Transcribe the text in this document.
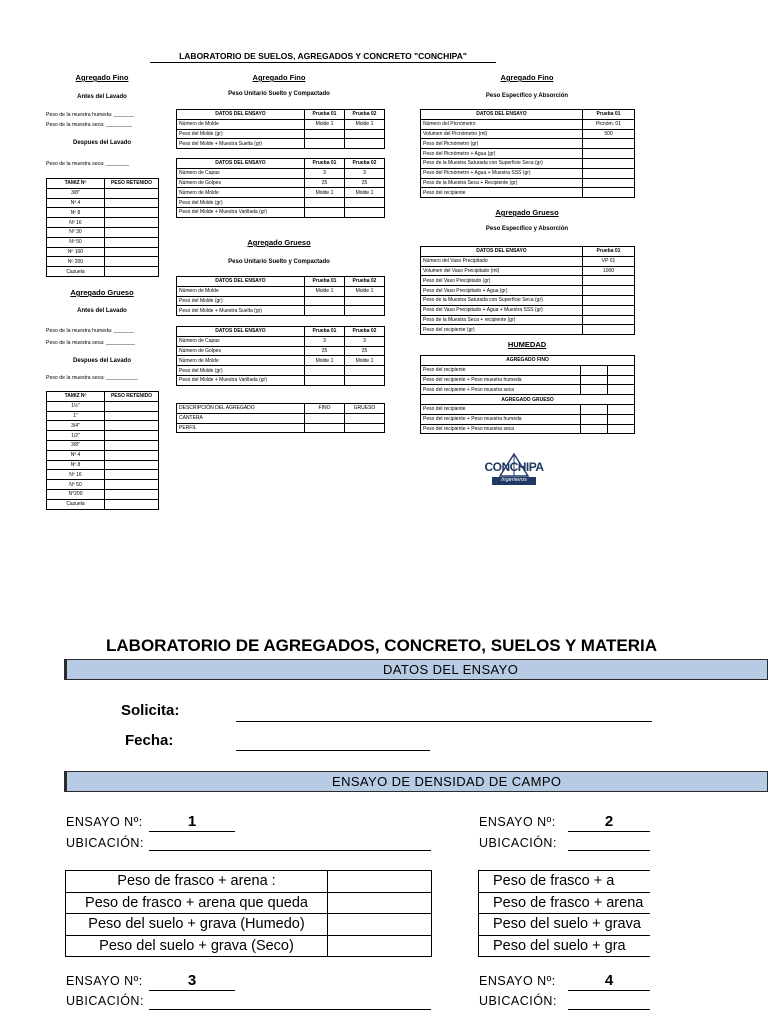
LABORATORIO DE SUELOS, AGREGADOS Y CONCRETO "CONCHIPA"
Agregado Fino
Antes del Lavado
Peso de la muestra humeda: _______
Peso de la muestra seca: _________
Despues del Lavado
Peso de la muestra seca: ________
TAMIZ Nº	PESO RETENIDO
3/8"	
Nº 4	
Nº 8	
Nº 16	
Nº 30	
Nº 50	
Nº 100	
Nº 200	
Cazuela	
Agregado Grueso
Antes del Lavado
Peso de la muestra humeda: _______
Peso de la muestra seca: __________
Despues del Lavado
Peso de la muestra seca: ___________
TAMIZ Nº	PESO RETENIDO
1½"	
1"	
3/4"	
1/2"	
3/8"	
Nº 4	
Nº 8	
Nº 16	
Nº 50	
N°200	
Cazuela	
Agregado Fino
Peso Unitario Suelto y Compactado
DATOS DEL ENSAYO	Prueba 01	Prueba 02
Número de Molde	Molde 1	Molde 1
Peso del Molde (gr)		
Peso del Molde + Muestra Suelta (gr)		
DATOS DEL ENSAYO	Prueba 01	Prueba 02
Número de Capas	3	3
Número de Golpes	25	25
Número de Molde	Molde 1	Molde 1
Peso del Molde (gr)		
Peso del Molde + Muestra Varillada (gr)		
Agregado Grueso
Peso Unitario Suelto y Compactado
DATOS DEL ENSAYO	Prueba 01	Prueba 02
Número de Molde	Molde 1	Molde 1
Peso del Molde (gr)		
Peso del Molde + Muestra Suelta (gr)		
DATOS DEL ENSAYO	Prueba 01	Prueba 02
Número de Capas	3	3
Número de Golpes	25	25
Número de Molde	Molde 1	Molde 1
Peso del Molde (gr)		
Peso del Molde + Muestra Varillada (gr)		
DESCRIPCIÓN DEL AGREGADO	FINO	GRUESO
CANTERA		
PERFIL		
Agregado Fino
Peso Específico y Absorción
DATOS DEL ENSAYO	Prueba 01
Número del Picnómetro	Picnóm. 01
Volumen del Picnómetro (ml)	500
Peso del Picnómetro (gr)	
Peso del Picnómetro + Agua (gr)	
Peso de la Muestra Saturada con Superficie Seca (gr)	
Peso del Picnómetro + Agua + Muestra SSS (gr)	
Peso de la Muestra Seca + Recipiente (gr)	
Peso del recipiente	
Agregado Grueso
Peso Específico y Absorción
DATOS DEL ENSAYO	Prueba 01
Número del Vaso Precipitado	VP 01
Volumen del Vaso Precipitado (ml)	1000
Peso del Vaso Precipitado (gr)	
Peso del Vaso Precipitado + Agua (gr)	
Peso de la Muestra Saturada con Superficie Seca (gr)	
Peso del Vaso Precipitado + Agua + Muestra SSS (gr)	
Peso de la Muestra Seca + recipiente (gr)	
Peso del recipiente (gr)	
HUMEDAD
AGREGADO FINO		
Peso del recipiente		
Peso del recipiente + Peso muestra humeda		
Peso del recipiente + Peso muestra seca		
AGREGADO GRUESO		
Peso del recipiente		
Peso del recipiente + Peso muestra humeda		
Peso del recipiente + Peso muestra seca		
CONCHIPA
Ingenieros
LABORATORIO DE AGREGADOS, CONCRETO, SUELOS Y MATERIA
DATOS DEL ENSAYO
Solicita:
Fecha:
ENSAYO DE DENSIDAD DE CAMPO
ENSAYO Nº:	1
UBICACIÓN:
Peso de frasco + arena :	
Peso de frasco + arena que queda	
Peso del suelo + grava (Humedo)	
Peso del suelo + grava (Seco)	
ENSAYO Nº:	2
UBICACIÓN:
Peso de frasco + a
Peso de frasco + arena
Peso del suelo + grava
Peso del suelo + gra
ENSAYO Nº:	3
UBICACIÓN:
ENSAYO Nº:	4
UBICACIÓN:
